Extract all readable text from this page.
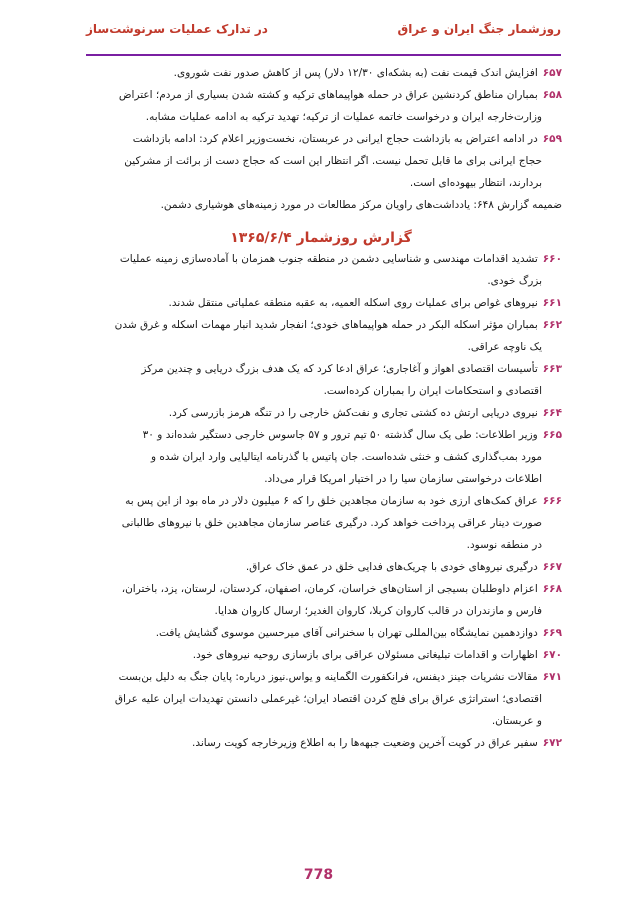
روزشمار جنگ ایران و عراق
در تدارک عملیات سرنوشت‌ساز
۶۵۷افزایش اندک قیمت نفت (به بشکه‌ای ۱۲/۳۰ دلار) پس از کاهش صدور نفت شوروی.
۶۵۸بمباران مناطق کردنشین عراق در حمله هواپیماهای ترکیه و کشته شدن بسیاری از مردم؛ اعتراض
وزارت‌خارجه ایران و درخواست خاتمه عملیات از ترکیه؛ تهدید ترکیه به ادامه عملیات مشابه.
۶۵۹در ادامه اعتراض به بازداشت حجاج ایرانی در عربستان، نخست‌وزیر اعلام کرد: ادامه بازداشت
حجاج ایرانی برای ما قابل تحمل نیست. اگر انتظار این است که حجاج دست از برائت از مشرکین
بردارند، انتظار بیهوده‌ای است.
ضمیمه گزارش ۶۴۸: یادداشت‌های راویان مرکز مطالعات در مورد زمینه‌های هوشیاری دشمن.
گزارش روزشمار ۱۳۶۵/۶/۴
۶۶۰تشدید اقدامات مهندسی و شناسایی دشمن در منطقه جنوب همزمان با آماده‌سازی زمینه عملیات
بزرگ خودی.
۶۶۱نیروهای غواص برای عملیات روی اسکله العمیه، به عقبه منطقه عملیاتی منتقل شدند.
۶۶۲بمباران مؤثر اسکله البکر در حمله هواپیماهای خودی؛ انفجار شدید انبار مهمات اسکله و غرق شدن
یک ناوچه عراقی.
۶۶۳تأسیسات اقتصادی اهواز و آغاجاری؛ عراق ادعا کرد که یک هدف بزرگ دریایی و چندین مرکز
اقتصادی و استحکامات ایران را بمباران کرده‌است.
۶۶۴نیروی دریایی ارتش ده کشتی تجاری و نفت‌کش خارجی را در تنگه هرمز بازرسی کرد.
۶۶۵وزیر اطلاعات: طی یک سال گذشته ۵۰ تیم ترور و ۵۷ جاسوس خارجی دستگیر شده‌اند و ۳۰
مورد بمب‌گذاری کشف و خنثی شده‌است. جان پاتیس با گذرنامه ایتالیایی وارد ایران شده و
اطلاعات درخواستی سازمان سیا را در اختیار امریکا قرار می‌داد.
۶۶۶عراق کمک‌های ارزی خود به سازمان مجاهدین خلق را که ۶ میلیون دلار در ماه بود از این پس به
صورت دینار عراقی پرداخت خواهد کرد. درگیری عناصر سازمان مجاهدین خلق با نیروهای طالبانی
در منطقه نوسود.
۶۶۷درگیری نیروهای خودی با چریک‌های فدایی خلق در عمق خاک عراق.
۶۶۸اعزام داوطلبان بسیجی از استان‌های خراسان، کرمان، اصفهان، کردستان، لرستان، یزد، باختران،
فارس و مازندران در قالب کاروان کربلا، کاروان الغدیر؛ ارسال کاروان هدایا.
۶۶۹دوازدهمین نمایشگاه بین‌المللی تهران با سخنرانی آقای میرحسین موسوی گشایش یافت.
۶۷۰اظهارات و اقدامات تبلیغاتی مسئولان عراقی برای بازسازی روحیه نیروهای خود.
۶۷۱مقالات نشریات جینز دیفنس، فرانکفورت الگماینه و یواس.نیوز درباره: پایان جنگ به دلیل بن‌بست
اقتصادی؛ استراتژی عراق برای فلج کردن اقتصاد ایران؛ غیرعملی دانستن تهدیدات ایران علیه عراق
و عربستان.
۶۷۲سفیر عراق در کویت آخرین وضعیت جبهه‌ها را به اطلاع وزیرخارجه کویت رساند.
778
